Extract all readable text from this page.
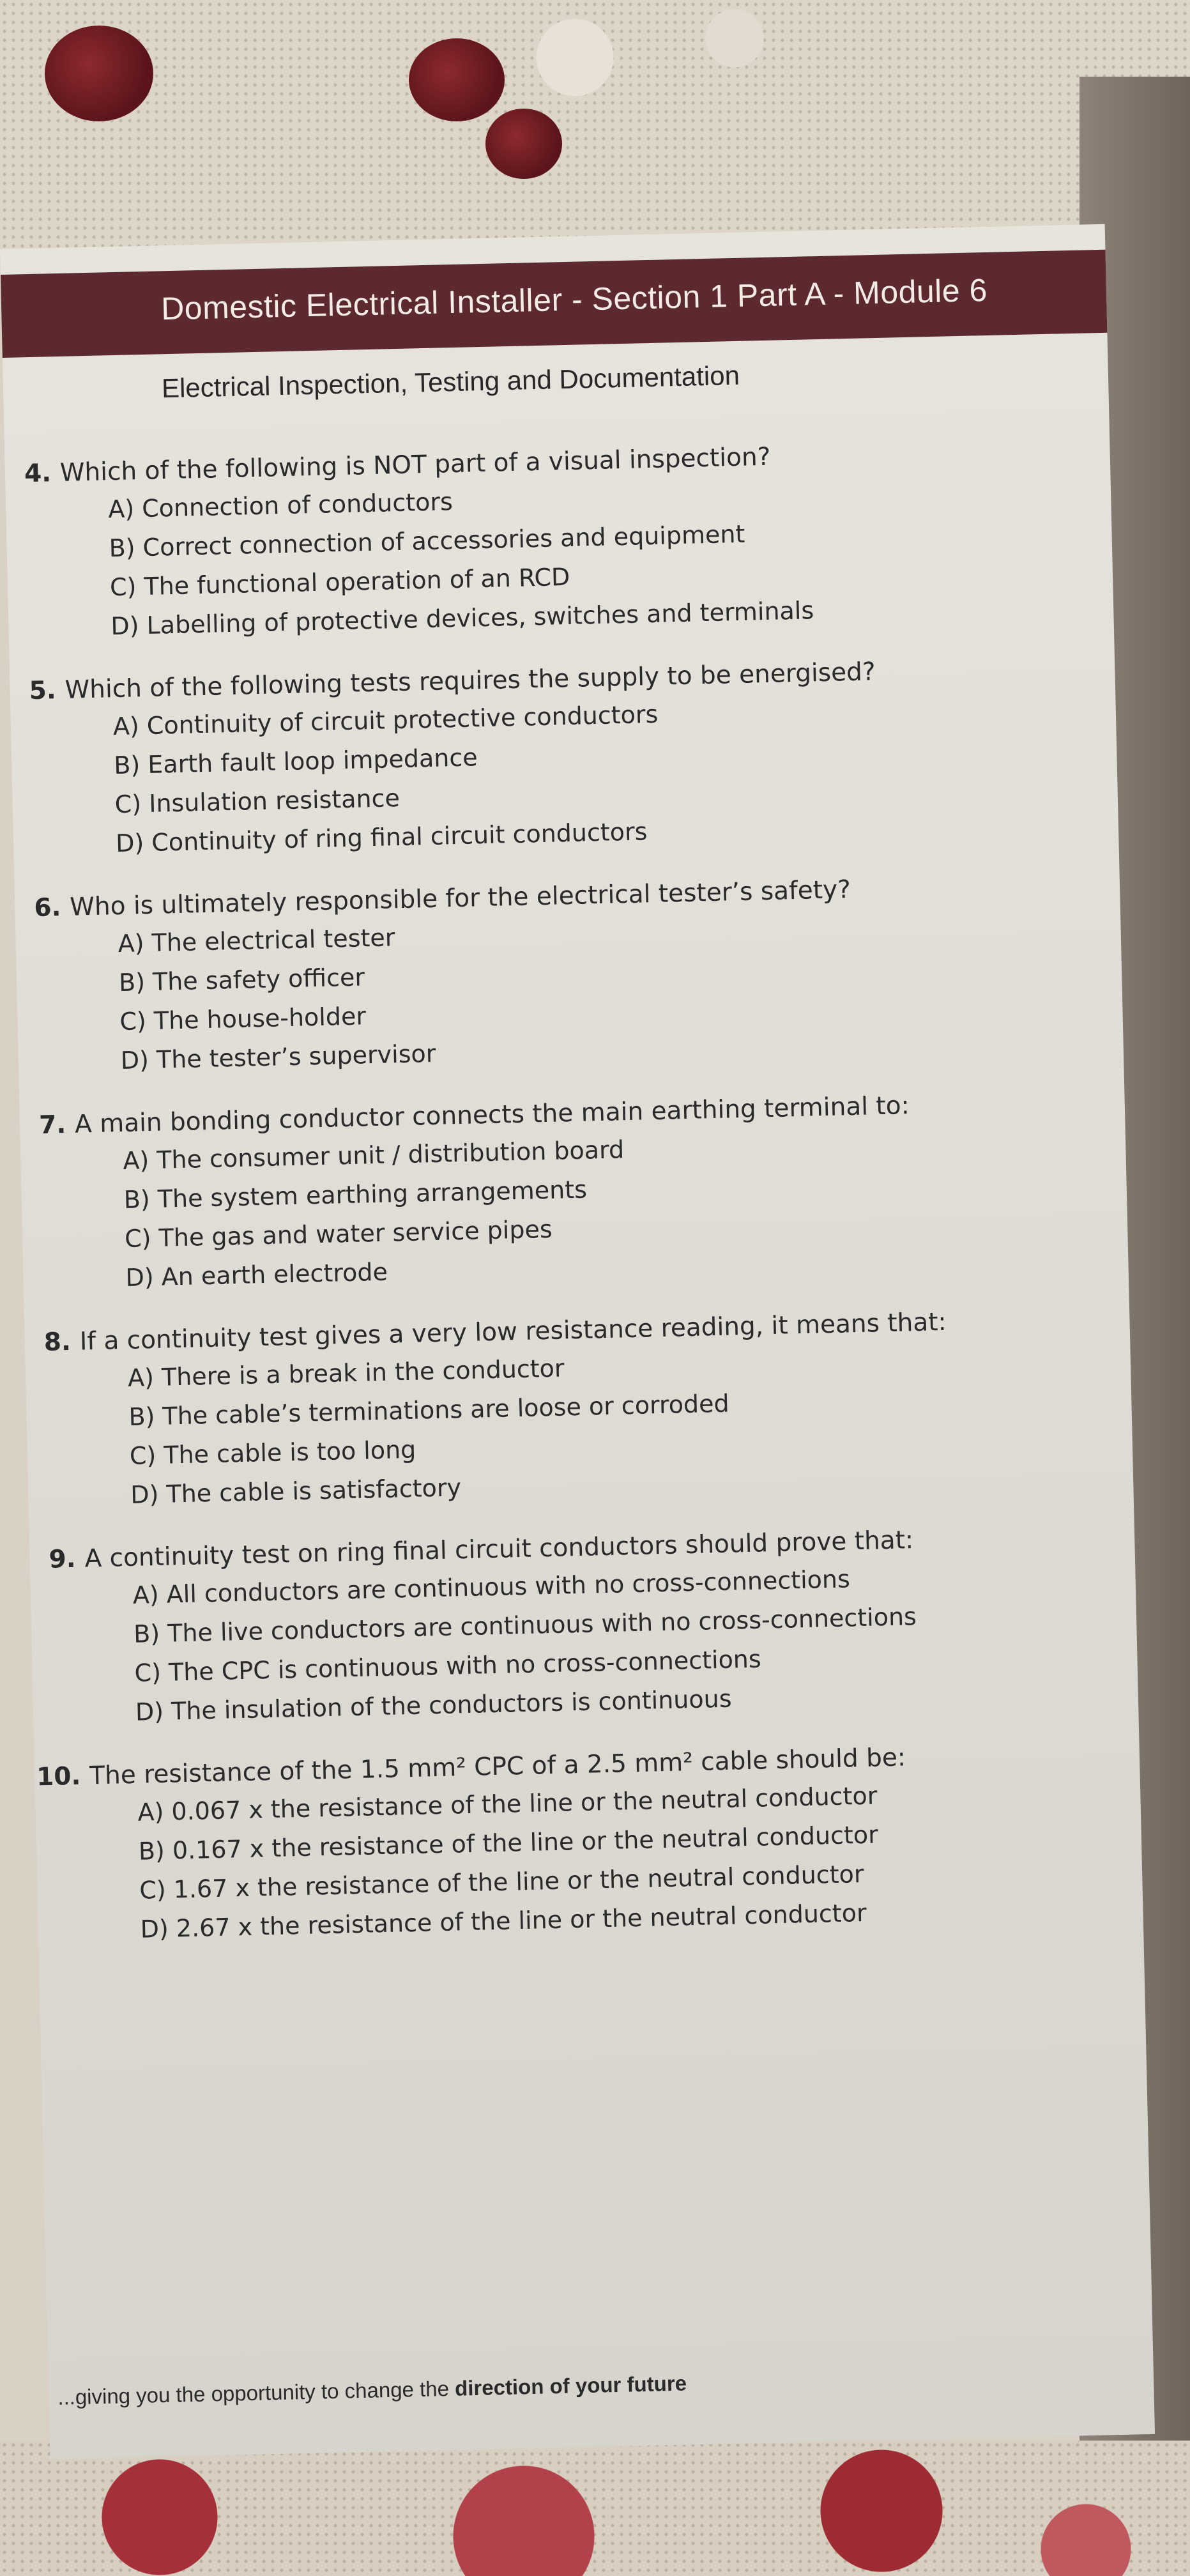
Domestic Electrical Installer - Section 1 Part A - Module 6
Electrical Inspection, Testing and Documentation
4. Which of the following is NOT part of a visual inspection?
A) Connection of conductors
B) Correct connection of accessories and equipment
C) The functional operation of an RCD
D) Labelling of protective devices, switches and terminals
5. Which of the following tests requires the supply to be energised?
A) Continuity of circuit protective conductors
B) Earth fault loop impedance
C) Insulation resistance
D) Continuity of ring final circuit conductors
6. Who is ultimately responsible for the electrical tester’s safety?
A) The electrical tester
B) The safety officer
C) The house-holder
D) The tester’s supervisor
7. A main bonding conductor connects the main earthing terminal to:
A) The consumer unit / distribution board
B) The system earthing arrangements
C) The gas and water service pipes
D) An earth electrode
8. If a continuity test gives a very low resistance reading, it means that:
A) There is a break in the conductor
B) The cable’s terminations are loose or corroded
C) The cable is too long
D) The cable is satisfactory
9. A continuity test on ring final circuit conductors should prove that:
A) All conductors are continuous with no cross-connections
B) The live conductors are continuous with no cross-connections
C) The CPC is continuous with no cross-connections
D) The insulation of the conductors is continuous
10. The resistance of the 1.5 mm² CPC of a 2.5 mm² cable should be:
A) 0.067 x the resistance of the line or the neutral conductor
B) 0.167 x the resistance of the line or the neutral conductor
C) 1.67 x the resistance of the line or the neutral conductor
D) 2.67 x the resistance of the line or the neutral conductor
...giving you the opportunity to change the direction of your future
